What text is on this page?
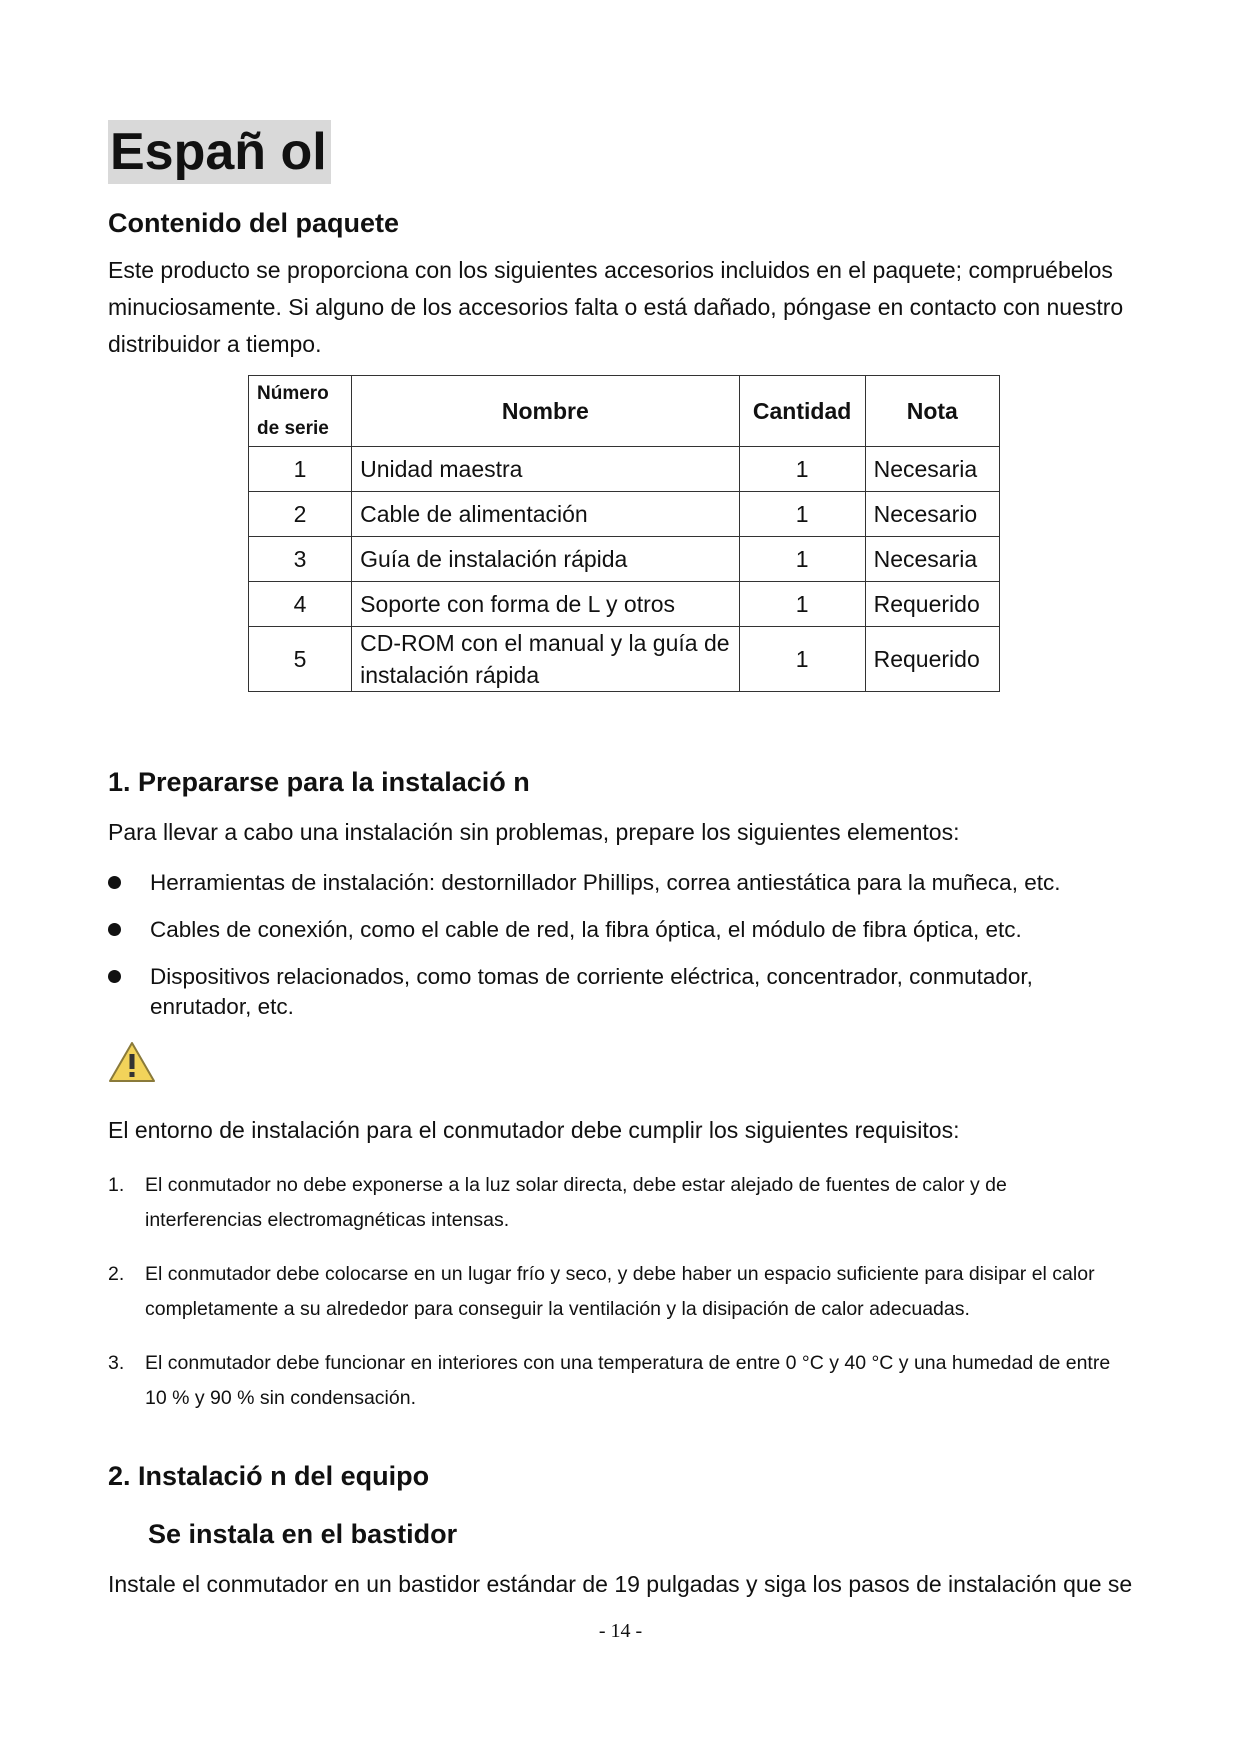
Españ ol
Contenido del paquete

Este producto se proporciona con los siguientes accesorios incluidos en el paquete; compruébelos minuciosamente. Si alguno de los accesorios falta o está dañado, póngase en contacto con nuestro distribuidor a tiempo.

Número de serie	Nombre	Cantidad	Nota
1	Unidad maestra	1	Necesaria
2	Cable de alimentación	1	Necesario
3	Guía de instalación rápida	1	Necesaria
4	Soporte con forma de L y otros	1	Requerido
5	CD-ROM con el manual y la guía de instalación rápida	1	Requerido
1. Prepararse para la instalació n

Para llevar a cabo una instalación sin problemas, prepare los siguientes elementos:

Herramientas de instalación: destornillador Phillips, correa antiestática para la muñeca, etc.
Cables de conexión, como el cable de red, la fibra óptica, el módulo de fibra óptica, etc.
Dispositivos relacionados, como tomas de corriente eléctrica, concentrador, conmutador, enrutador, etc.

El entorno de instalación para el conmutador debe cumplir los siguientes requisitos:

1. El conmutador no debe exponerse a la luz solar directa, debe estar alejado de fuentes de calor y de interferencias electromagnéticas intensas.
2. El conmutador debe colocarse en un lugar frío y seco, y debe haber un espacio suficiente para disipar el calor completamente a su alrededor para conseguir la ventilación y la disipación de calor adecuadas.
3. El conmutador debe funcionar en interiores con una temperatura de entre 0 °C y 40 °C y una humedad de entre 10 % y 90 % sin condensación.
2. Instalació n del equipo
Se instala en el bastidor

Instale el conmutador en un bastidor estándar de 19 pulgadas y siga los pasos de instalación que se

- 14 -
